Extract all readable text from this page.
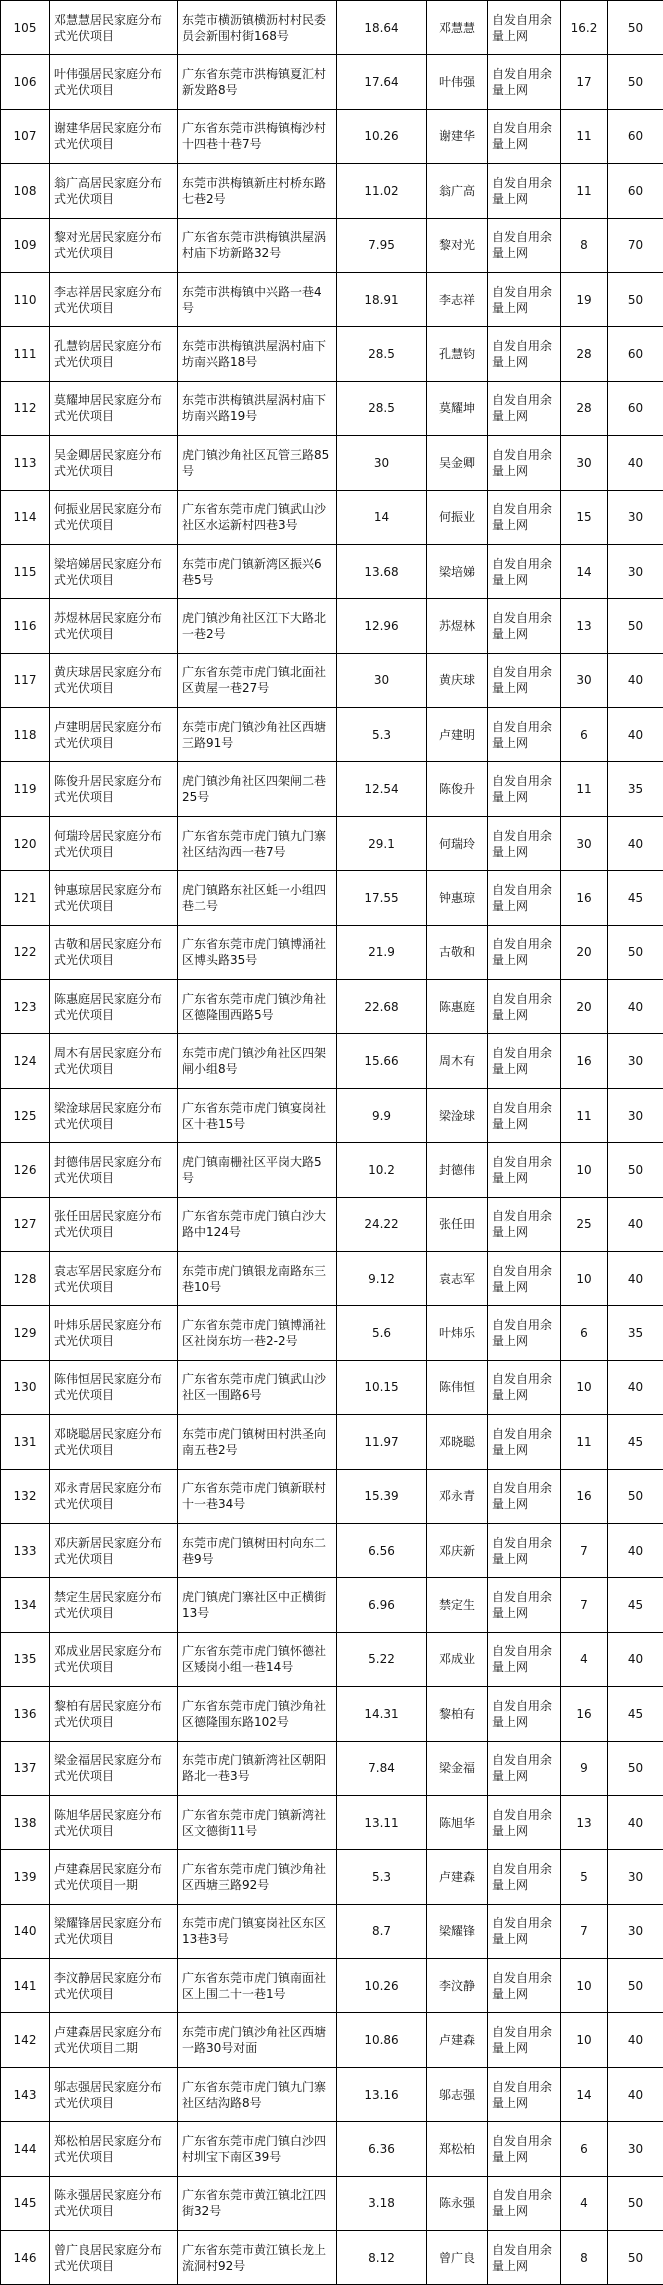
105	邓慧慧居民家庭分布式光伏项目	东莞市横沥镇横沥村村民委员会新围村街168号	18.64	邓慧慧	自发自用余量上网	16.2	50
106	叶伟强居民家庭分布式光伏项目	广东省东莞市洪梅镇夏汇村新发路8号	17.64	叶伟强	自发自用余量上网	17	50
107	谢建华居民家庭分布式光伏项目	广东省东莞市洪梅镇梅沙村十四巷十巷7号	10.26	谢建华	自发自用余量上网	11	60
108	翁广高居民家庭分布式光伏项目	东莞市洪梅镇新庄村桥东路七巷2号	11.02	翁广高	自发自用余量上网	11	60
109	黎对光居民家庭分布式光伏项目	广东省东莞市洪梅镇洪屋涡村庙下坊新路32号	7.95	黎对光	自发自用余量上网	8	70
110	李志祥居民家庭分布式光伏项目	东莞市洪梅镇中兴路一巷4号	18.91	李志祥	自发自用余量上网	19	50
111	孔慧钧居民家庭分布式光伏项目	东莞市洪梅镇洪屋涡村庙下坊南兴路18号	28.5	孔慧钧	自发自用余量上网	28	60
112	莫耀坤居民家庭分布式光伏项目	东莞市洪梅镇洪屋涡村庙下坊南兴路19号	28.5	莫耀坤	自发自用余量上网	28	60
113	吴金卿居民家庭分布式光伏项目	虎门镇沙角社区瓦管三路85号	30	吴金卿	自发自用余量上网	30	40
114	何振业居民家庭分布式光伏项目	广东省东莞市虎门镇武山沙社区水运新村四巷3号	14	何振业	自发自用余量上网	15	30
115	梁培娣居民家庭分布式光伏项目	东莞市虎门镇新湾区振兴6巷5号	13.68	梁培娣	自发自用余量上网	14	30
116	苏煜林居民家庭分布式光伏项目	虎门镇沙角社区江下大路北一巷2号	12.96	苏煜林	自发自用余量上网	13	50
117	黄庆球居民家庭分布式光伏项目	广东省东莞市虎门镇北面社区黄屋一巷27号	30	黄庆球	自发自用余量上网	30	40
118	卢建明居民家庭分布式光伏项目	东莞市虎门镇沙角社区西塘三路91号	5.3	卢建明	自发自用余量上网	6	40
119	陈俊升居民家庭分布式光伏项目	虎门镇沙角社区四架闸二巷25号	12.54	陈俊升	自发自用余量上网	11	35
120	何瑞玲居民家庭分布式光伏项目	广东省东莞市虎门镇九门寨社区结沟西一巷7号	29.1	何瑞玲	自发自用余量上网	30	40
121	钟惠琼居民家庭分布式光伏项目	虎门镇路东社区蚝一小组四巷二号	17.55	钟惠琼	自发自用余量上网	16	45
122	古敬和居民家庭分布式光伏项目	广东省东莞市虎门镇博涌社区博头路35号	21.9	古敬和	自发自用余量上网	20	50
123	陈惠庭居民家庭分布式光伏项目	广东省东莞市虎门镇沙角社区德隆围西路5号	22.68	陈惠庭	自发自用余量上网	20	40
124	周木有居民家庭分布式光伏项目	东莞市虎门镇沙角社区四架闸小组8号	15.66	周木有	自发自用余量上网	16	30
125	梁淦球居民家庭分布式光伏项目	广东省东莞市虎门镇宴岗社区十巷15号	9.9	梁淦球	自发自用余量上网	11	30
126	封德伟居民家庭分布式光伏项目	虎门镇南栅社区平岗大路5号	10.2	封德伟	自发自用余量上网	10	50
127	张任田居民家庭分布式光伏项目	广东省东莞市虎门镇白沙大路中124号	24.22	张任田	自发自用余量上网	25	40
128	袁志军居民家庭分布式光伏项目	东莞市虎门镇银龙南路东三巷10号	9.12	袁志军	自发自用余量上网	10	40
129	叶炜乐居民家庭分布式光伏项目	广东省东莞市虎门镇博涌社区社岗东坊一巷2-2号	5.6	叶炜乐	自发自用余量上网	6	35
130	陈伟恒居民家庭分布式光伏项目	广东省东莞市虎门镇武山沙社区一围路6号	10.15	陈伟恒	自发自用余量上网	10	40
131	邓晓聪居民家庭分布式光伏项目	东莞市虎门镇树田村洪圣向南五巷2号	11.97	邓晓聪	自发自用余量上网	11	45
132	邓永青居民家庭分布式光伏项目	广东省东莞市虎门镇新联村十一巷34号	15.39	邓永青	自发自用余量上网	16	50
133	邓庆新居民家庭分布式光伏项目	东莞市虎门镇树田村向东二巷9号	6.56	邓庆新	自发自用余量上网	7	40
134	禁定生居民家庭分布式光伏项目	虎门镇虎门寨社区中正横街13号	6.96	禁定生	自发自用余量上网	7	45
135	邓成业居民家庭分布式光伏项目	广东省东莞市虎门镇怀德社区矮岗小组一巷14号	5.22	邓成业	自发自用余量上网	4	40
136	黎柏有居民家庭分布式光伏项目	广东省东莞市虎门镇沙角社区德隆围东路102号	14.31	黎柏有	自发自用余量上网	16	45
137	梁金福居民家庭分布式光伏项目	东莞市虎门镇新湾社区朝阳路北一巷3号	7.84	梁金福	自发自用余量上网	9	50
138	陈旭华居民家庭分布式光伏项目	广东省东莞市虎门镇新湾社区文德街11号	13.11	陈旭华	自发自用余量上网	13	40
139	卢建森居民家庭分布式光伏项目一期	广东省东莞市虎门镇沙角社区西塘三路92号	5.3	卢建森	自发自用余量上网	5	30
140	梁耀锋居民家庭分布式光伏项目	东莞市虎门镇宴岗社区东区13巷3号	8.7	梁耀锋	自发自用余量上网	7	30
141	李汶静居民家庭分布式光伏项目	广东省东莞市虎门镇南面社区上围二十一巷1号	10.26	李汶静	自发自用余量上网	10	50
142	卢建森居民家庭分布式光伏项目二期	东莞市虎门镇沙角社区西塘一路30号对面	10.86	卢建森	自发自用余量上网	10	40
143	邬志强居民家庭分布式光伏项目	广东省东莞市虎门镇九门寨社区结沟路8号	13.16	邬志强	自发自用余量上网	14	40
144	郑松柏居民家庭分布式光伏项目	广东省东莞市虎门镇白沙四村圳宝下南区39号	6.36	郑松柏	自发自用余量上网	6	30
145	陈永强居民家庭分布式光伏项目	广东省东莞市黄江镇北江四街32号	3.18	陈永强	自发自用余量上网	4	50
146	曾广良居民家庭分布式光伏项目	广东省东莞市黄江镇长龙上流洞村92号	8.12	曾广良	自发自用余量上网	8	50
